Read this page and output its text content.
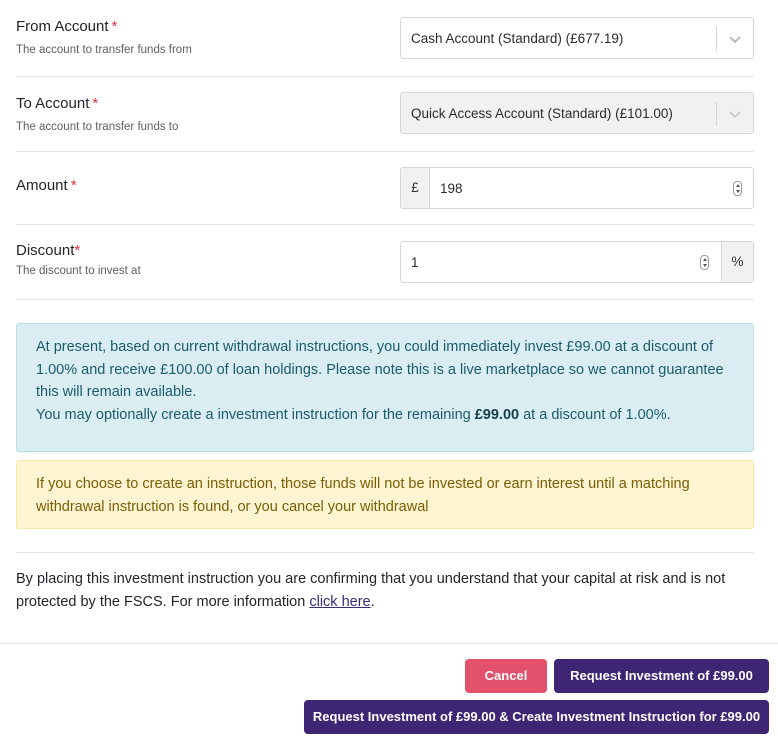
From Account *
The account to transfer funds from
Cash Account (Standard) (£677.19)
To Account *
The account to transfer funds to
Quick Access Account (Standard) (£101.00)
Amount *	£	198
Discount*
The discount to invest at
1	%
At present, based on current withdrawal instructions, you could immediately invest £99.00 at a discount of 1.00% and receive £100.00 of loan holdings. Please note this is a live marketplace so we cannot guarantee this will remain available.
You may optionally create a investment instruction for the remaining £99.00 at a discount of 1.00%.
If you choose to create an instruction, those funds will not be invested or earn interest until a matching withdrawal instruction is found, or you cancel your withdrawal
By placing this investment instruction you are confirming that you understand that your capital at risk and is not protected by the FSCS. For more information click here.
Cancel	Request Investment of £99.00
Request Investment of £99.00 & Create Investment Instruction for £99.00
